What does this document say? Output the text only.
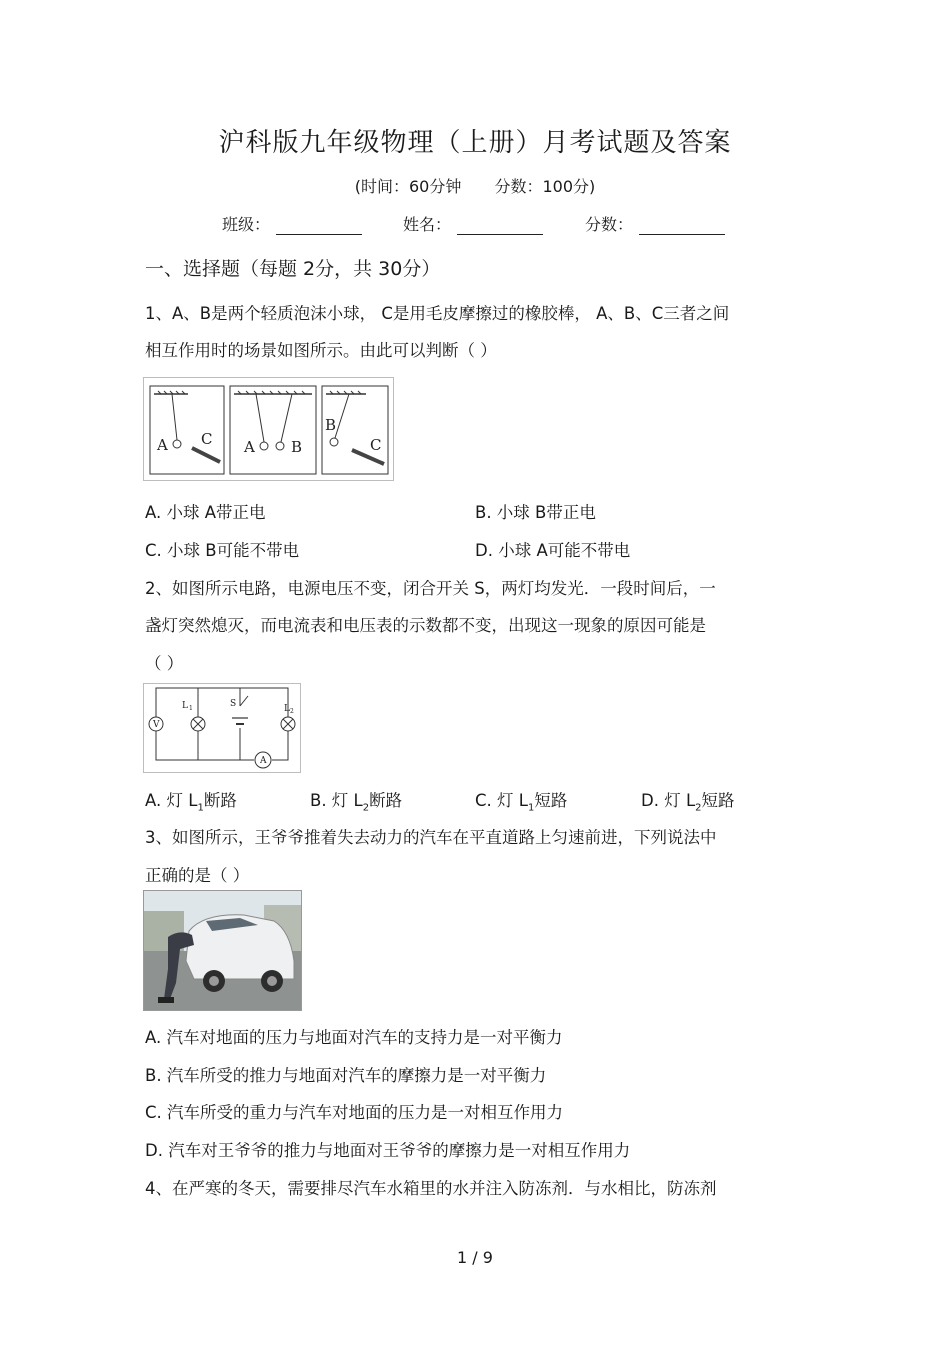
沪科版九年级物理（上册）月考试题及答案
(时间：60分钟 分数：100分)
班级：	姓名：	分数：
一、选择题（每题 2分，共 30分）
1、A、B是两个轻质泡沫小球， C是用毛皮摩擦过的橡胶棒， A、B、C三者之间
相互作用时的场景如图所示。由此可以判断（ ）
A C A B
B
C
A. 小球 A带正电	B. 小球 B带正电
C. 小球 B可能不带电	D. 小球 A可能不带电
2、如图所示电路，电源电压不变，闭合开关 S，两灯均发光．一段时间后，一
盏灯突然熄灭，而电流表和电压表的示数都不变，出现这一现象的原因可能是
（ ）
V
L 1	S	L 2
A
A. 灯 $L_1$断路	B. 灯 $L_2$断路	C. 灯 $L_1$短路	D. 灯 $L_2$短路
3、如图所示，王爷爷推着失去动力的汽车在平直道路上匀速前进，下列说法中
正确的是（ ）
A. 汽车对地面的压力与地面对汽车的支持力是一对平衡力
B. 汽车所受的推力与地面对汽车的摩擦力是一对平衡力
C. 汽车所受的重力与汽车对地面的压力是一对相互作用力
D. 汽车对王爷爷的推力与地面对王爷爷的摩擦力是一对相互作用力
4、在严寒的冬天，需要排尽汽车水箱里的水并注入防冻剂．与水相比，防冻剂
1 / 9
